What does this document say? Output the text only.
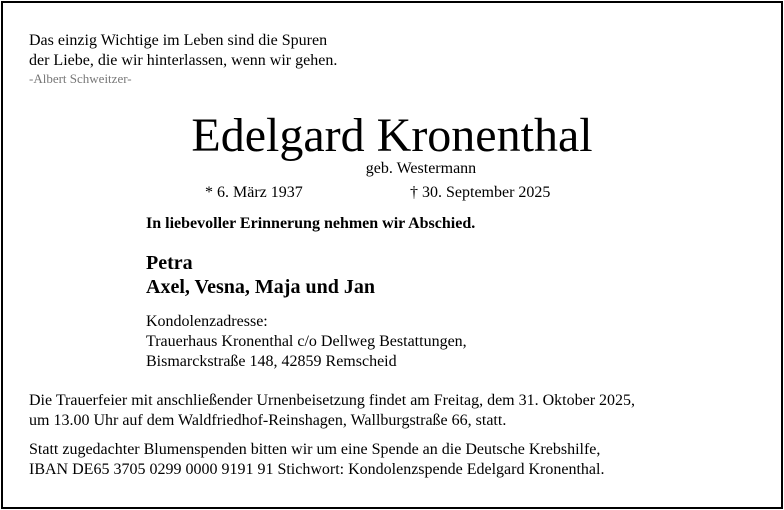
Das einzig Wichtige im Leben sind die Spuren
der Liebe, die wir hinterlassen, wenn wir gehen.
-Albert Schweitzer-
Edelgard Kronenthal
geb. Westermann
* 6. März 1937	† 30. September 2025
In liebevoller Erinnerung nehmen wir Abschied.
Petra
Axel, Vesna, Maja und Jan
Kondolenzadresse:
Trauerhaus Kronenthal c/o Dellweg Bestattungen,
Bismarckstraße 148, 42859 Remscheid
Die Trauerfeier mit anschließender Urnenbeisetzung findet am Freitag, dem 31. Oktober 2025,
um 13.00 Uhr auf dem Waldfriedhof-Reinshagen, Wallburgstraße 66, statt.
Statt zugedachter Blumenspenden bitten wir um eine Spende an die Deutsche Krebshilfe,
IBAN DE65 3705 0299 0000 9191 91 Stichwort: Kondolenzspende Edelgard Kronenthal.
